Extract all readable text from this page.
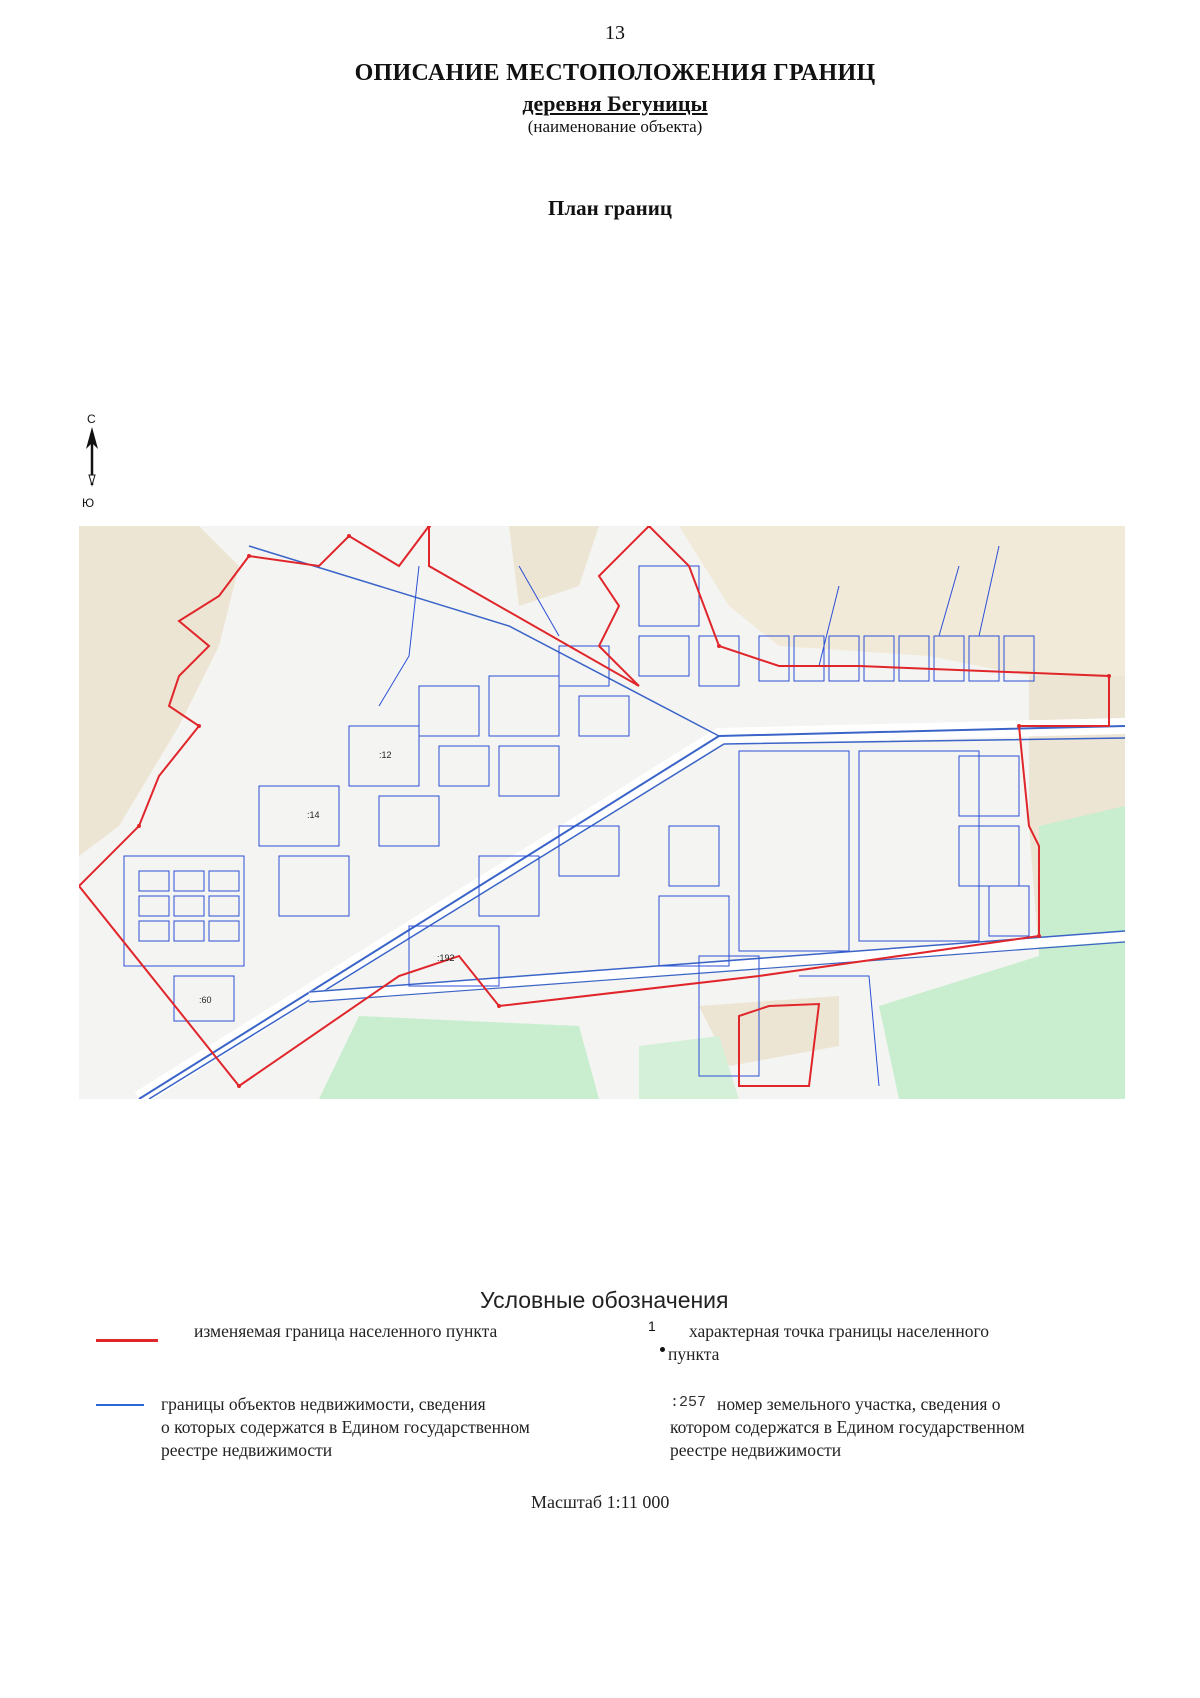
13
ОПИСАНИЕ МЕСТОПОЛОЖЕНИЯ ГРАНИЦ
деревня Бегуницы
(наименование объекта)
План границ
С
Ю
:12
:14
:192
:60
Условные обозначения
изменяемая граница населенного пункта	1 характерная точка границы населенного
пункта
границы объектов недвижимости, сведения
о которых содержатся в Едином государственном
реестре недвижимости
:257 номер земельного участка, сведения о
котором содержатся в Едином государственном
реестре недвижимости
Масштаб 1:11 000
